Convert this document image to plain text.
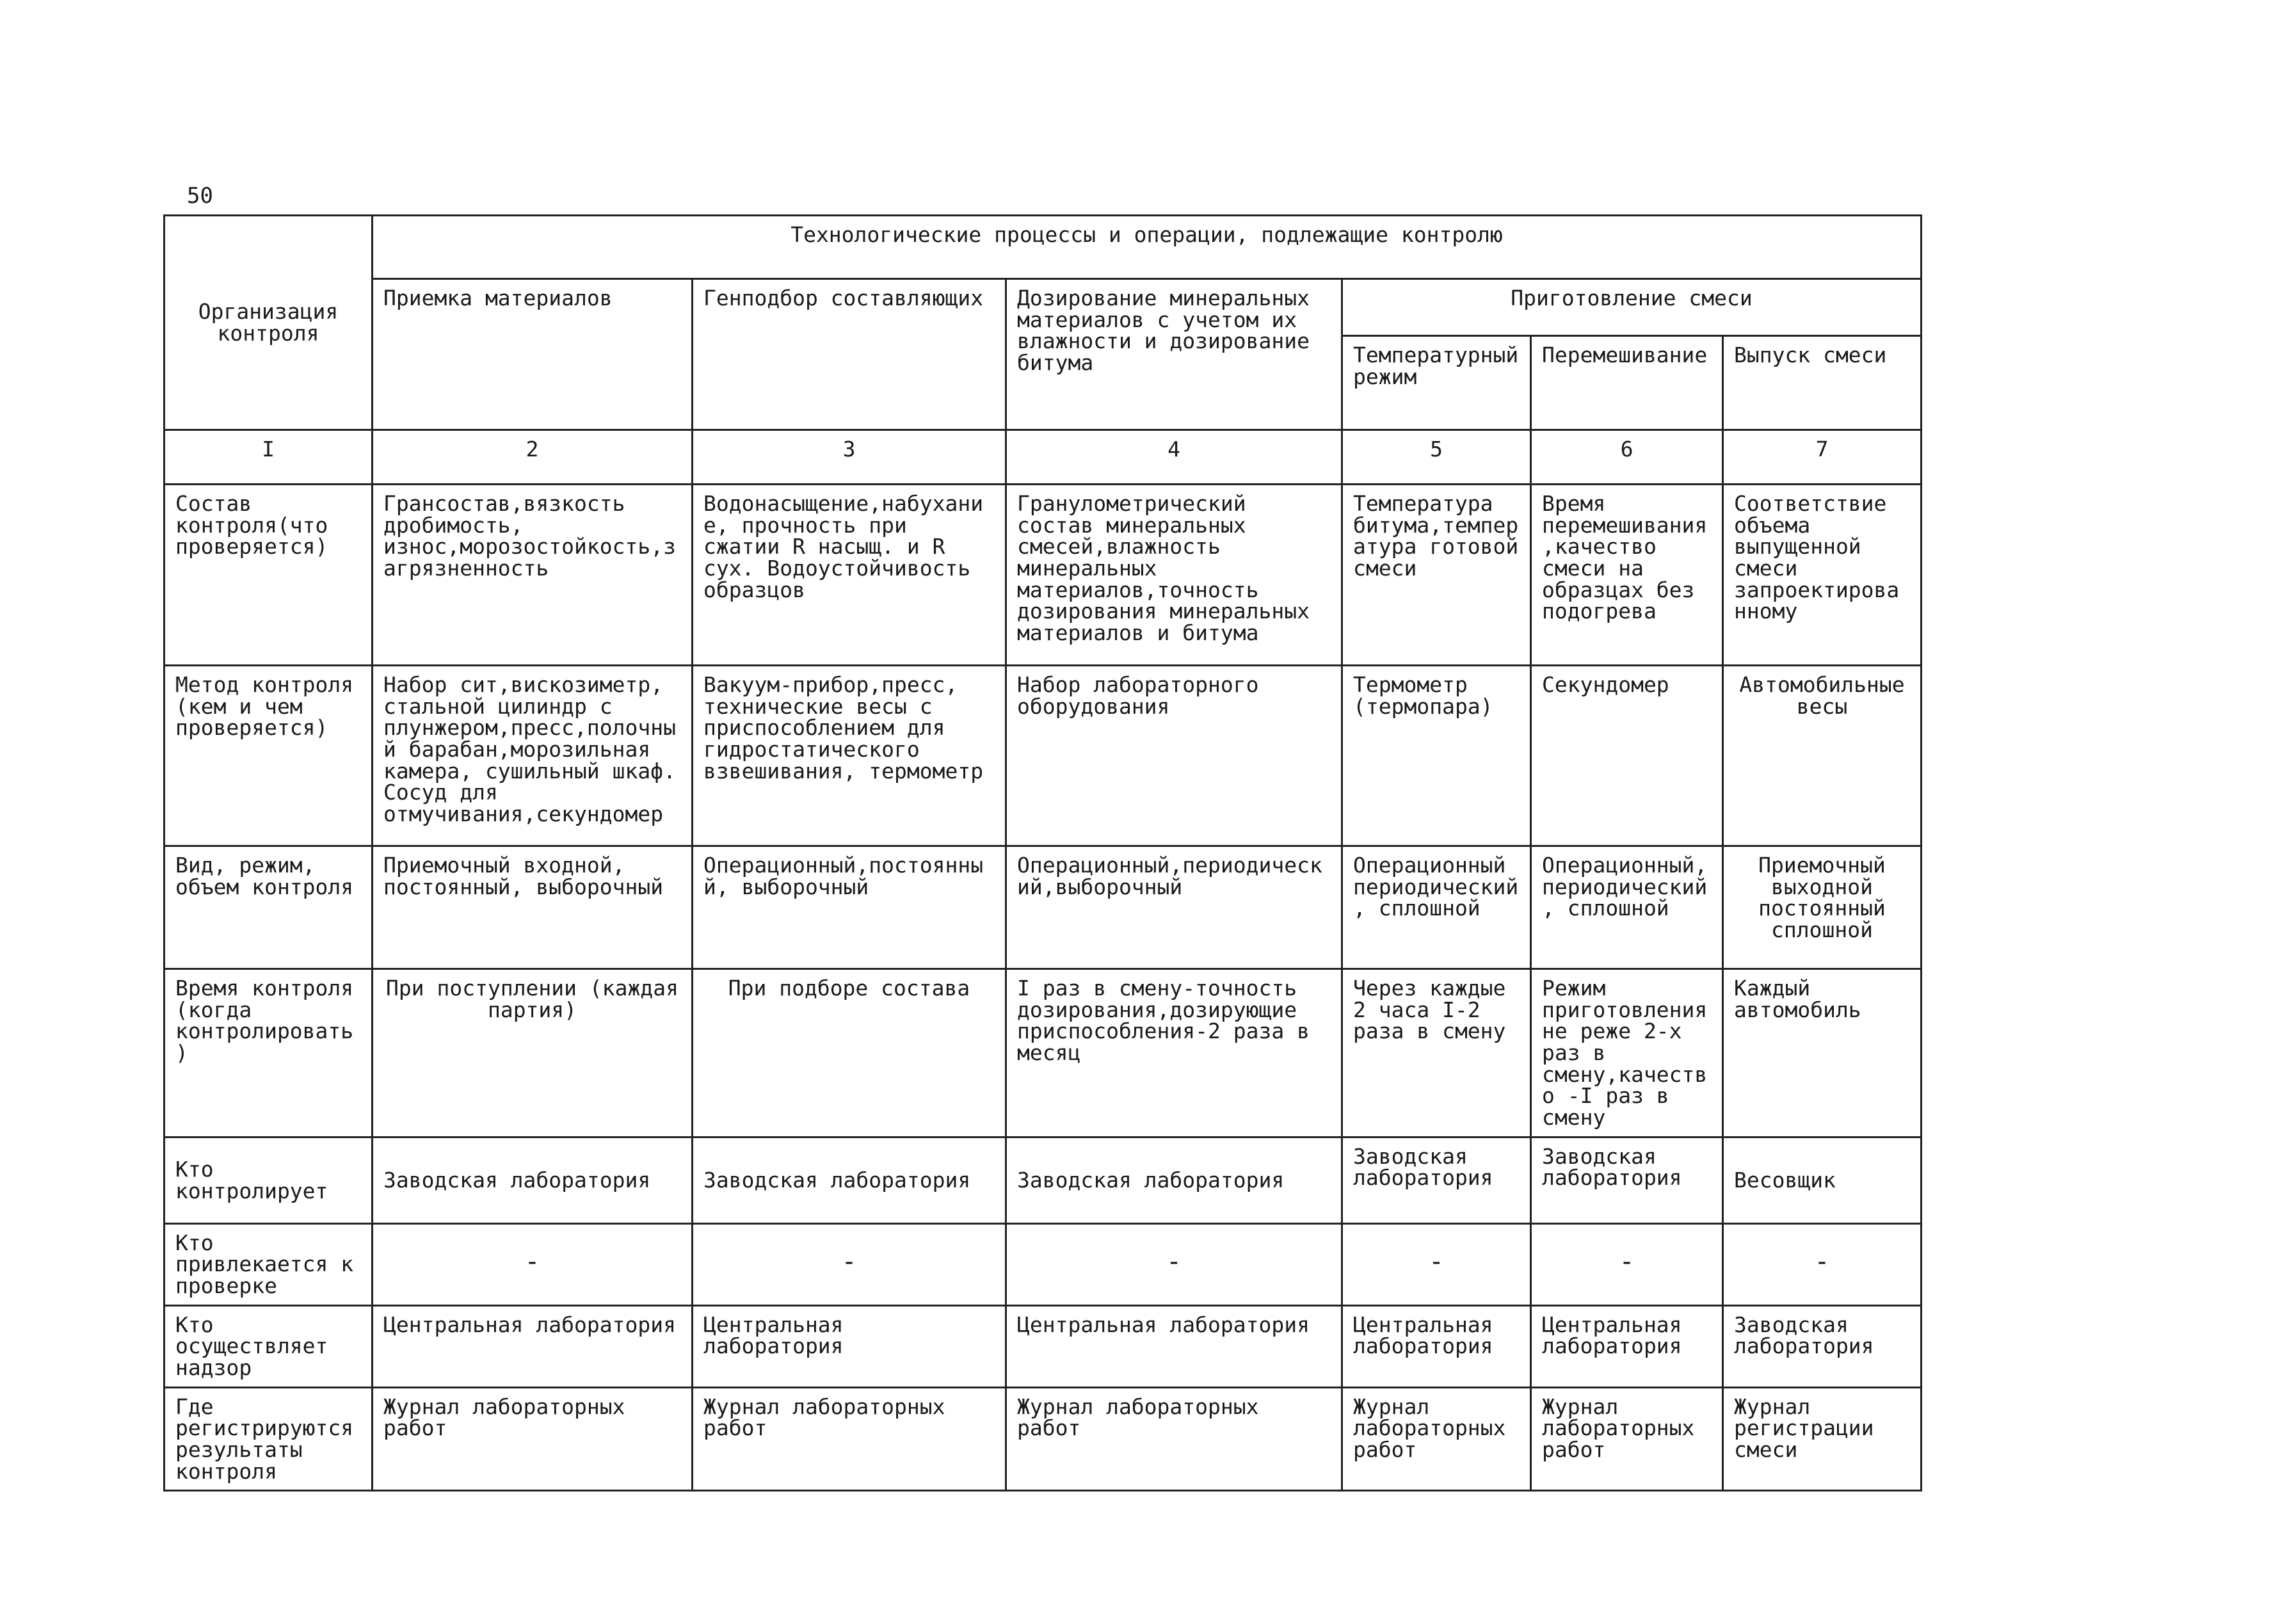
50
Организация контроля	Технологические процессы и операции, подлежащие контролю					
	Приемка материалов	Генподбор составляющих	Дозирование минеральных материалов с учетом их влажности и дозирование битума	Приготовление смеси		
				Температурный режим	Перемешивание	Выпуск смеси
I	2	3	4	5	6	7
Состав контроля(что проверяется)	Грансостав,вязкость дробимость, износ,морозостойкость,загрязненность	Водонасыщение,набухание, прочность при сжатии R насыщ. и R сух. Водоустойчивость образцов	Гранулометрический состав минеральных смесей,влажность минеральных материалов,точность дозирования минеральных материалов и битума	Температура битума,температура готовой смеси	Время перемешивания,качество смеси на образцах без подогрева	Соответствие объема выпущенной смеси запроектированному
Метод контроля (кем и чем проверяется)	Набор сит,вискозиметр, стальной цилиндр с плунжером,пресс,полочный барабан,морозильная камера, сушильный шкаф. Сосуд для отмучивания,секундомер	Вакуум-прибор,пресс, технические весы с приспособлением для гидростатического взвешивания, термометр	Набор лабораторного оборудования	Термометр (термопара)	Секундомер	Автомобильные весы
Вид, режим, объем контроля	Приемочный входной, постоянный, выборочный	Операционный,постоянный, выборочный	Операционный,периодический,выборочный	Операционный периодический, сплошной	Операционный, периодический, сплошной	Приемочный выходной постоянный сплошной
Время контроля (когда контролировать)	При поступлении (каждая партия)	При подборе состава	I раз в смену-точность дозирования,дозирующие приспособления-2 раза в месяц	Через каждые 2 часа I-2 раза в смену	Режим приготовления не реже 2-х раз в смену,качество -I раз в смену	Каждый автомобиль
Кто контролирует	Заводская лаборатория	Заводская лаборатория	Заводская лаборатория	Заводская лаборатория	Заводская лаборатория	Весовщик
Кто привлекается к проверке	-	-	-	-	-	-

Кто осуществляет надзор	Центральная лаборатория	Центральная лаборатория	Центральная лаборатория	Центральная лаборатория	Центральная лаборатория	Заводская лаборатория
Где регистрируются результаты контроля	Журнал лабораторных работ	Журнал лабораторных работ	Журнал лабораторных работ	Журнал лабораторных работ	Журнал лабораторных работ	Журнал регистрации смеси
